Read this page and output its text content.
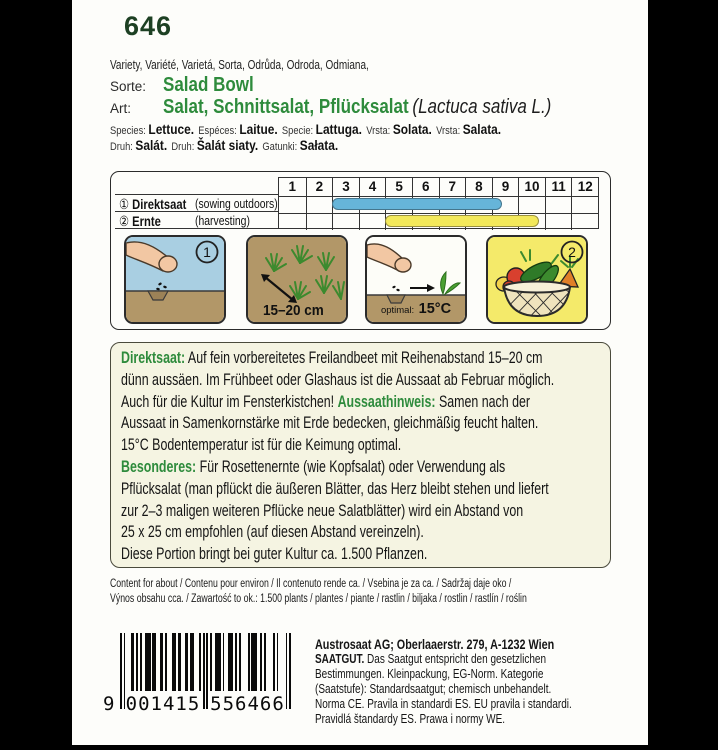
646
Variety, Variété, Varietá, Sorta, Odrůda, Odroda, Odmiana,
Sorte: Salad Bowl
Art:	Salat, Schnittsalat, Pflücksalat (Lactuca sativa L.)
Species: Lettuce. Espéces: Laitue. Specie: Lattuga. Vrsta: Solata. Vrsta: Salata.
Druh: Salát. Druh: Šalát siaty. Gatunki: Sałata.
1	2	3	4	5	6	7	8	9	10 11 12
① Direktsaat (sowing outdoors)
② Ernte	(harvesting)
1
15–20 cm	optimal: 15°C
2
Direktsaat: Auf fein vorbereitetes Freilandbeet mit Reihenabstand 15–20 cm
dünn aussäen. Im Frühbeet oder Glashaus ist die Aussaat ab Februar möglich.
Auch für die Kultur im Fensterkistchen! Aussaathinweis: Samen nach der
Aussaat in Samenkornstärke mit Erde bedecken, gleichmäßig feucht halten.
15°C Bodentemperatur ist für die Keimung optimal.
Besonderes: Für Rosettenernte (wie Kopfsalat) oder Verwendung als
Pflücksalat (man pflückt die äußeren Blätter, das Herz bleibt stehen und liefert
zur 2–3 maligen weiteren Pflücke neue Salatblätter) wird ein Abstand von
25 x 25 cm empfohlen (auf diesen Abstand vereinzeln).
Diese Portion bringt bei guter Kultur ca. 1.500 Pflanzen.
Content for about / Contenu pour environ / Il contenuto rende ca. / Vsebina je za ca. / Sadržaj daje oko /
Výnos obsahu cca. / Zawartość to ok.: 1.500 plants / plantes / piante / rastlin / biljaka / rostlin / rastlín / roślin
9 001415 556466
Austrosaat AG; Oberlaaerstr. 279, A-1232 Wien
SAATGUT. Das Saatgut entspricht den gesetzlichen
Bestimmungen. Kleinpackung, EG-Norm. Kategorie
(Saatstufe): Standardsaatgut; chemisch unbehandelt.
Norma CE. Pravila in standardi ES. EU pravila i standardi.
Pravidlá štandardy ES. Prawa i normy WE.
